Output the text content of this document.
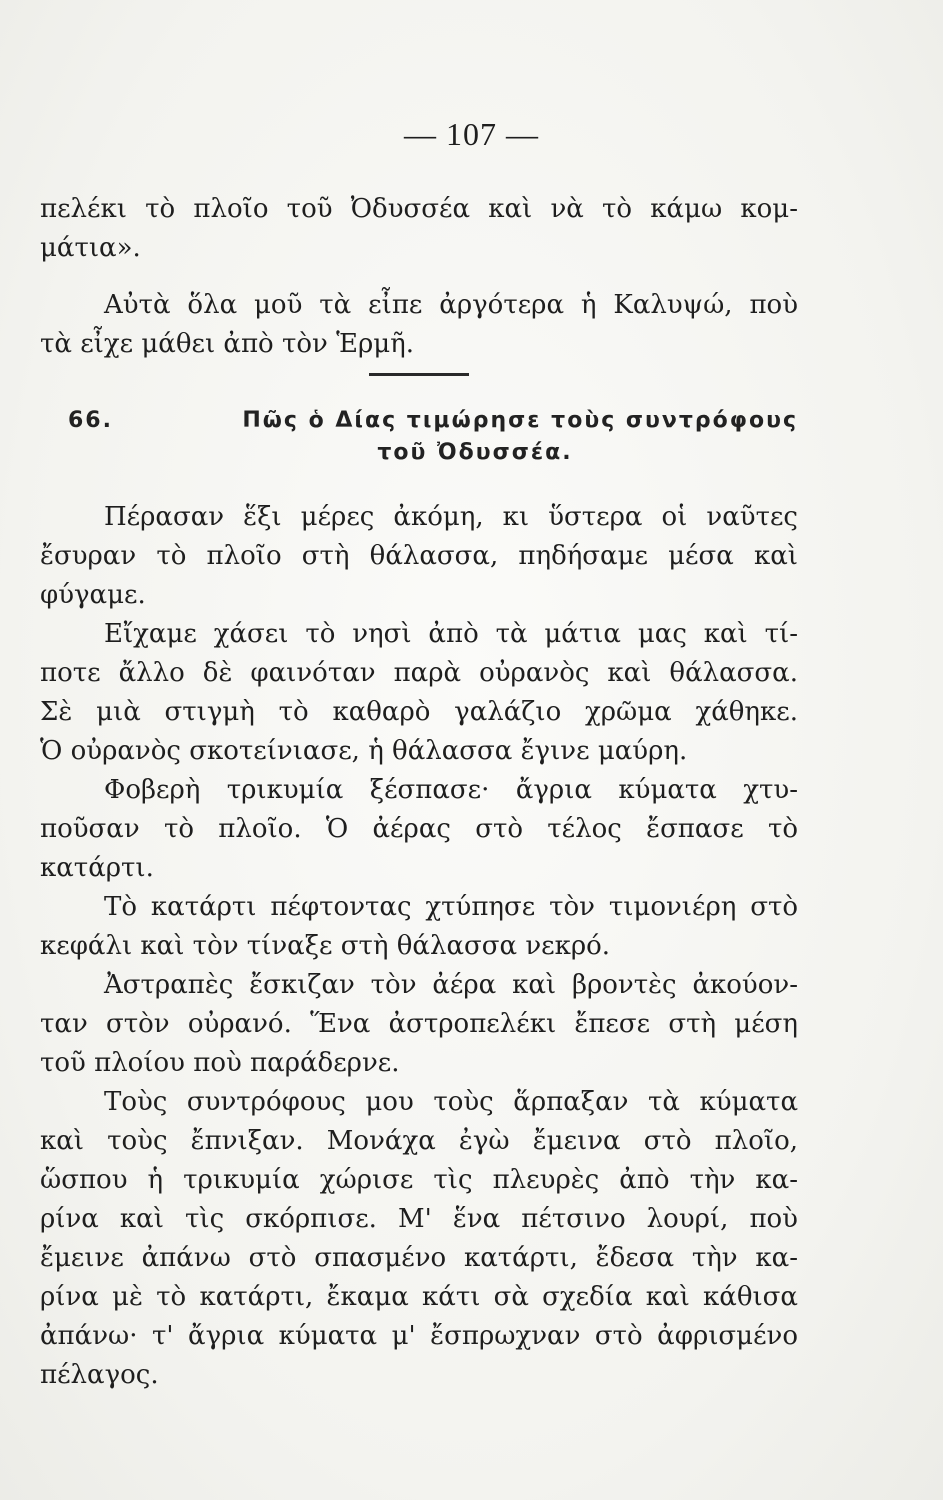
— 107 —
πελέκι τὸ πλοῖο τοῦ Ὀδυσσέα καὶ νὰ τὸ κάμω κομ-
μάτια».
Αὐτὰ ὅλα μοῦ τὰ εἶπε ἀργότερα ἡ Καλυψώ, ποὺ
τὰ εἶχε μάθει ἀπὸ τὸν Ἑρμῆ.
66.	Πῶς ὁ Δίας τιμώρησε τοὺς συντρόφους
τοῦ Ὀδυσσέα.
Πέρασαν ἕξι μέρες ἀκόμη, κι ὕστερα οἱ ναῦτες
ἔσυραν τὸ πλοῖο στὴ θάλασσα, πηδήσαμε μέσα καὶ
φύγαμε.
Εἴχαμε χάσει τὸ νησὶ ἀπὸ τὰ μάτια μας καὶ τί-
ποτε ἄλλο δὲ φαινόταν παρὰ οὐρανὸς καὶ θάλασσα.
Σὲ μιὰ στιγμὴ τὸ καθαρὸ γαλάζιο χρῶμα χάθηκε.
Ὁ οὐρανὸς σκοτείνιασε, ἡ θάλασσα ἔγινε μαύρη.
Φοβερὴ τρικυμία ξέσπασε· ἄγρια κύματα χτυ-
ποῦσαν τὸ πλοῖο. Ὁ ἀέρας στὸ τέλος ἔσπασε τὸ
κατάρτι.
Τὸ κατάρτι πέφτοντας χτύπησε τὸν τιμονιέρη στὸ
κεφάλι καὶ τὸν τίναξε στὴ θάλασσα νεκρό.
Ἀστραπὲς ἔσκιζαν τὸν ἀέρα καὶ βροντὲς ἀκούον-
ταν στὸν οὐρανό. Ἕνα ἀστροπελέκι ἔπεσε στὴ μέση
τοῦ πλοίου ποὺ παράδερνε.
Τοὺς συντρόφους μου τοὺς ἅρπαξαν τὰ κύματα
καὶ τοὺς ἔπνιξαν. Μονάχα ἐγὼ ἔμεινα στὸ πλοῖο,
ὥσπου ἡ τρικυμία χώρισε τὶς πλευρὲς ἀπὸ τὴν κα-
ρίνα καὶ τὶς σκόρπισε. Μ' ἕνα πέτσινο λουρί, ποὺ
ἔμεινε ἀπάνω στὸ σπασμένο κατάρτι, ἔδεσα τὴν κα-
ρίνα μὲ τὸ κατάρτι, ἔκαμα κάτι σὰ σχεδία καὶ κάθισα
ἀπάνω· τ' ἄγρια κύματα μ' ἔσπρωχναν στὸ ἀφρισμένο
πέλαγος.
